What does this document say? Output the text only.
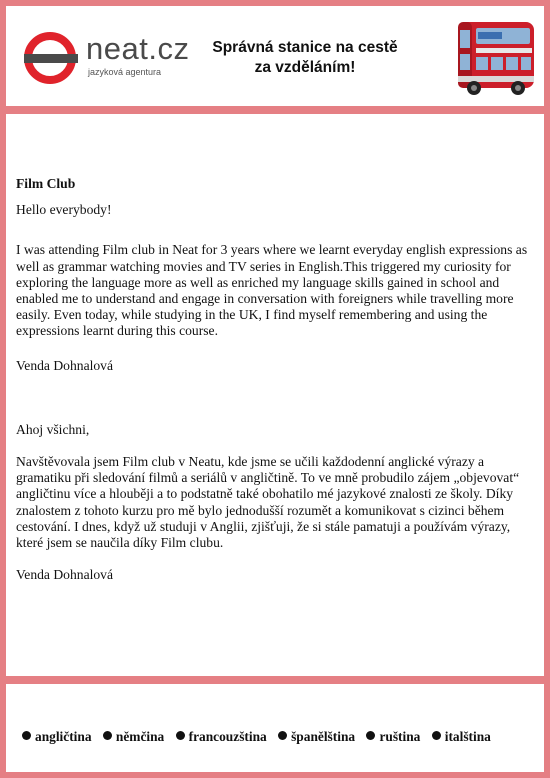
neat.cz
jazyková agentura
Správná stanice na cestě
za vzděláním!

Film Club

Hello everybody!

I was attending Film club in Neat for 3 years where we learnt everyday english expressions as well as grammar watching movies and TV series in English.This triggered my curiosity for exploring the language more as well as enriched my language skills gained in school and enabled me to understand and engage in conversation with foreigners while travelling more easily. Even today, while studying in the UK, I find myself remembering and using the expressions learnt during this course.

Venda Dohnalová

Ahoj všichni,

Navštěvovala jsem Film club v Neatu, kde jsme se učili každodenní anglické výrazy a gramatiku při sledování filmů a seriálů v angličtině. To ve mně probudilo zájem „objevovat“ angličtinu více a hlouběji a to podstatně také obohatilo mé jazykové znalosti ze školy. Díky znalostem z tohoto kurzu pro mě bylo jednodušší rozumět a komunikovat s cizinci během cestování. I dnes, když už studuji v Anglii, zjišťuji, že si stále pamatuji a používám výrazy, které jsem se naučila díky Film clubu.

Venda Dohnalová

angličtina němčina francouzština španělština ruština italština
